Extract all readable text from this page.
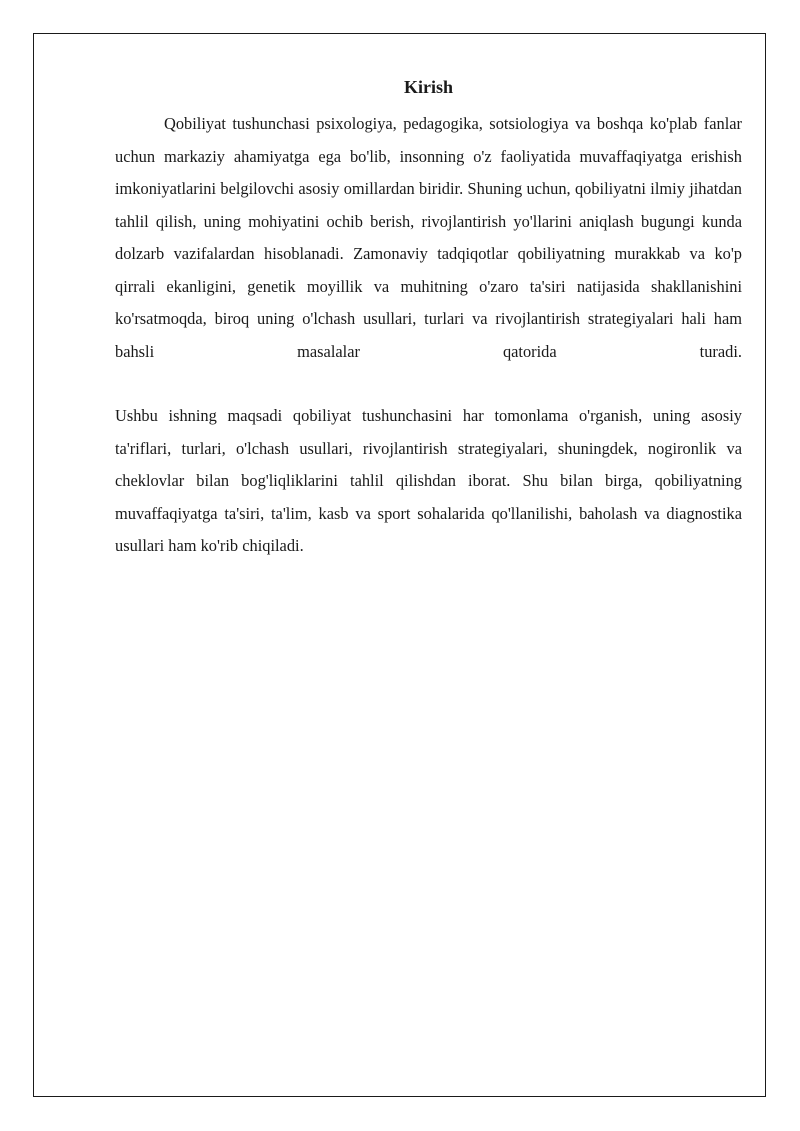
Kirish

Qobiliyat tushunchasi psixologiya, pedagogika, sotsiologiya va boshqa ko'plab fanlar uchun markaziy ahamiyatga ega bo'lib, insonning o'z faoliyatida muvaffaqiyatga erishish imkoniyatlarini belgilovchi asosiy omillardan biridir. Shuning uchun, qobiliyatni ilmiy jihatdan tahlil qilish, uning mohiyatini ochib berish, rivojlantirish yo'llarini aniqlash bugungi kunda dolzarb vazifalardan hisoblanadi. Zamonaviy tadqiqotlar qobiliyatning murakkab va ko'p qirrali ekanligini, genetik moyillik va muhitning o'zaro ta'siri natijasida shakllanishini ko'rsatmoqda, biroq uning o'lchash usullari, turlari va rivojlantirish strategiyalari hali ham bahsli masalalar qatorida turadi.

Ushbu ishning maqsadi qobiliyat tushunchasini har tomonlama o'rganish, uning asosiy ta'riflari, turlari, o'lchash usullari, rivojlantirish strategiyalari, shuningdek, nogironlik va cheklovlar bilan bog'liqliklarini tahlil qilishdan iborat. Shu bilan birga, qobiliyatning muvaffaqiyatga ta'siri, ta'lim, kasb va sport sohalarida qo'llanilishi, baholash va diagnostika usullari ham ko'rib chiqiladi.
